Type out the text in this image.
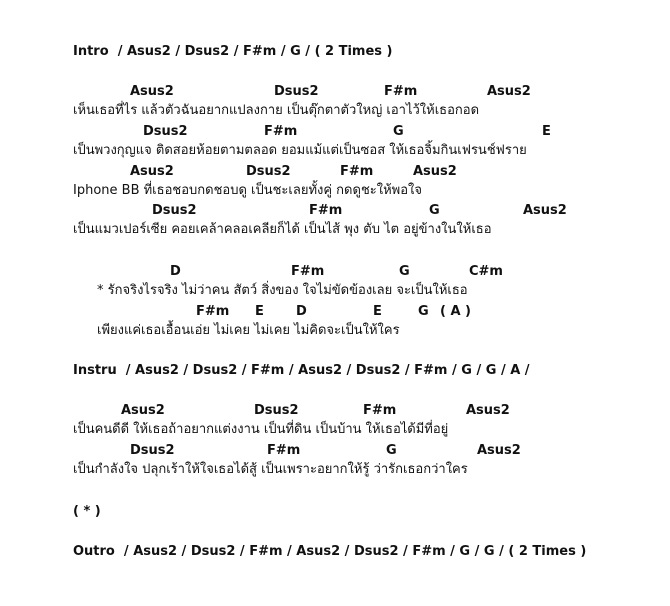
Intro  / Asus2 / Dsus2 / F#m / G / ( 2 Times )
Asus2	Dsus2	F#m	Asus2
เห็นเธอที่ไร แล้วตัวฉันอยากแปลงกาย เป็นตุ๊กตาตัวใหญ่ เอาไว้ให้เธอกอด
Dsus2	F#m	G	E
เป็นพวงกุญแจ ติดสอยห้อยตามตลอด ยอมแม้แต่เป็นซอส ให้เธอจิ้มกินเฟรนช์ฟราย
Asus2	Dsus2	F#m	Asus2
Iphone BB ที่เธอชอบกดชอบดู เป็นชะเลยทั้งคู่ กดดูชะให้พอใจ
Dsus2	F#m	G	Asus2
เป็นแมวเปอร์เซีย คอยเคล้าคลอเคลียก็ได้ เป็นไส้ พุง ตับ ไต อยู่ข้างในให้เธอ
D	F#m	G	C#m
* รักจริงไรจริง ไม่ว่าคน สัตว์ สิ่งของ ใจไม่ขัดข้องเลย จะเป็นให้เธอ
F#m E D	E	G ( A )
เพียงแค่เธอเอื้อนเอ่ย ไม่เคย ไม่เคย ไม่คิดจะเป็นให้ใคร
Instru  / Asus2 / Dsus2 / F#m / Asus2 / Dsus2 / F#m / G / G / A /
Asus2	Dsus2	F#m	Asus2
เป็นคนดีดี ให้เธอถ้าอยากแต่งงาน เป็นที่ดิน เป็นบ้าน ให้เธอได้มีที่อยู่
Dsus2	F#m	G	Asus2
เป็นกำลังใจ ปลุกเร้าให้ใจเธอได้สู้ เป็นเพราะอยากให้รู้ ว่ารักเธอกว่าใคร
( * )
Outro  / Asus2 / Dsus2 / F#m / Asus2 / Dsus2 / F#m / G / G / ( 2 Times )
